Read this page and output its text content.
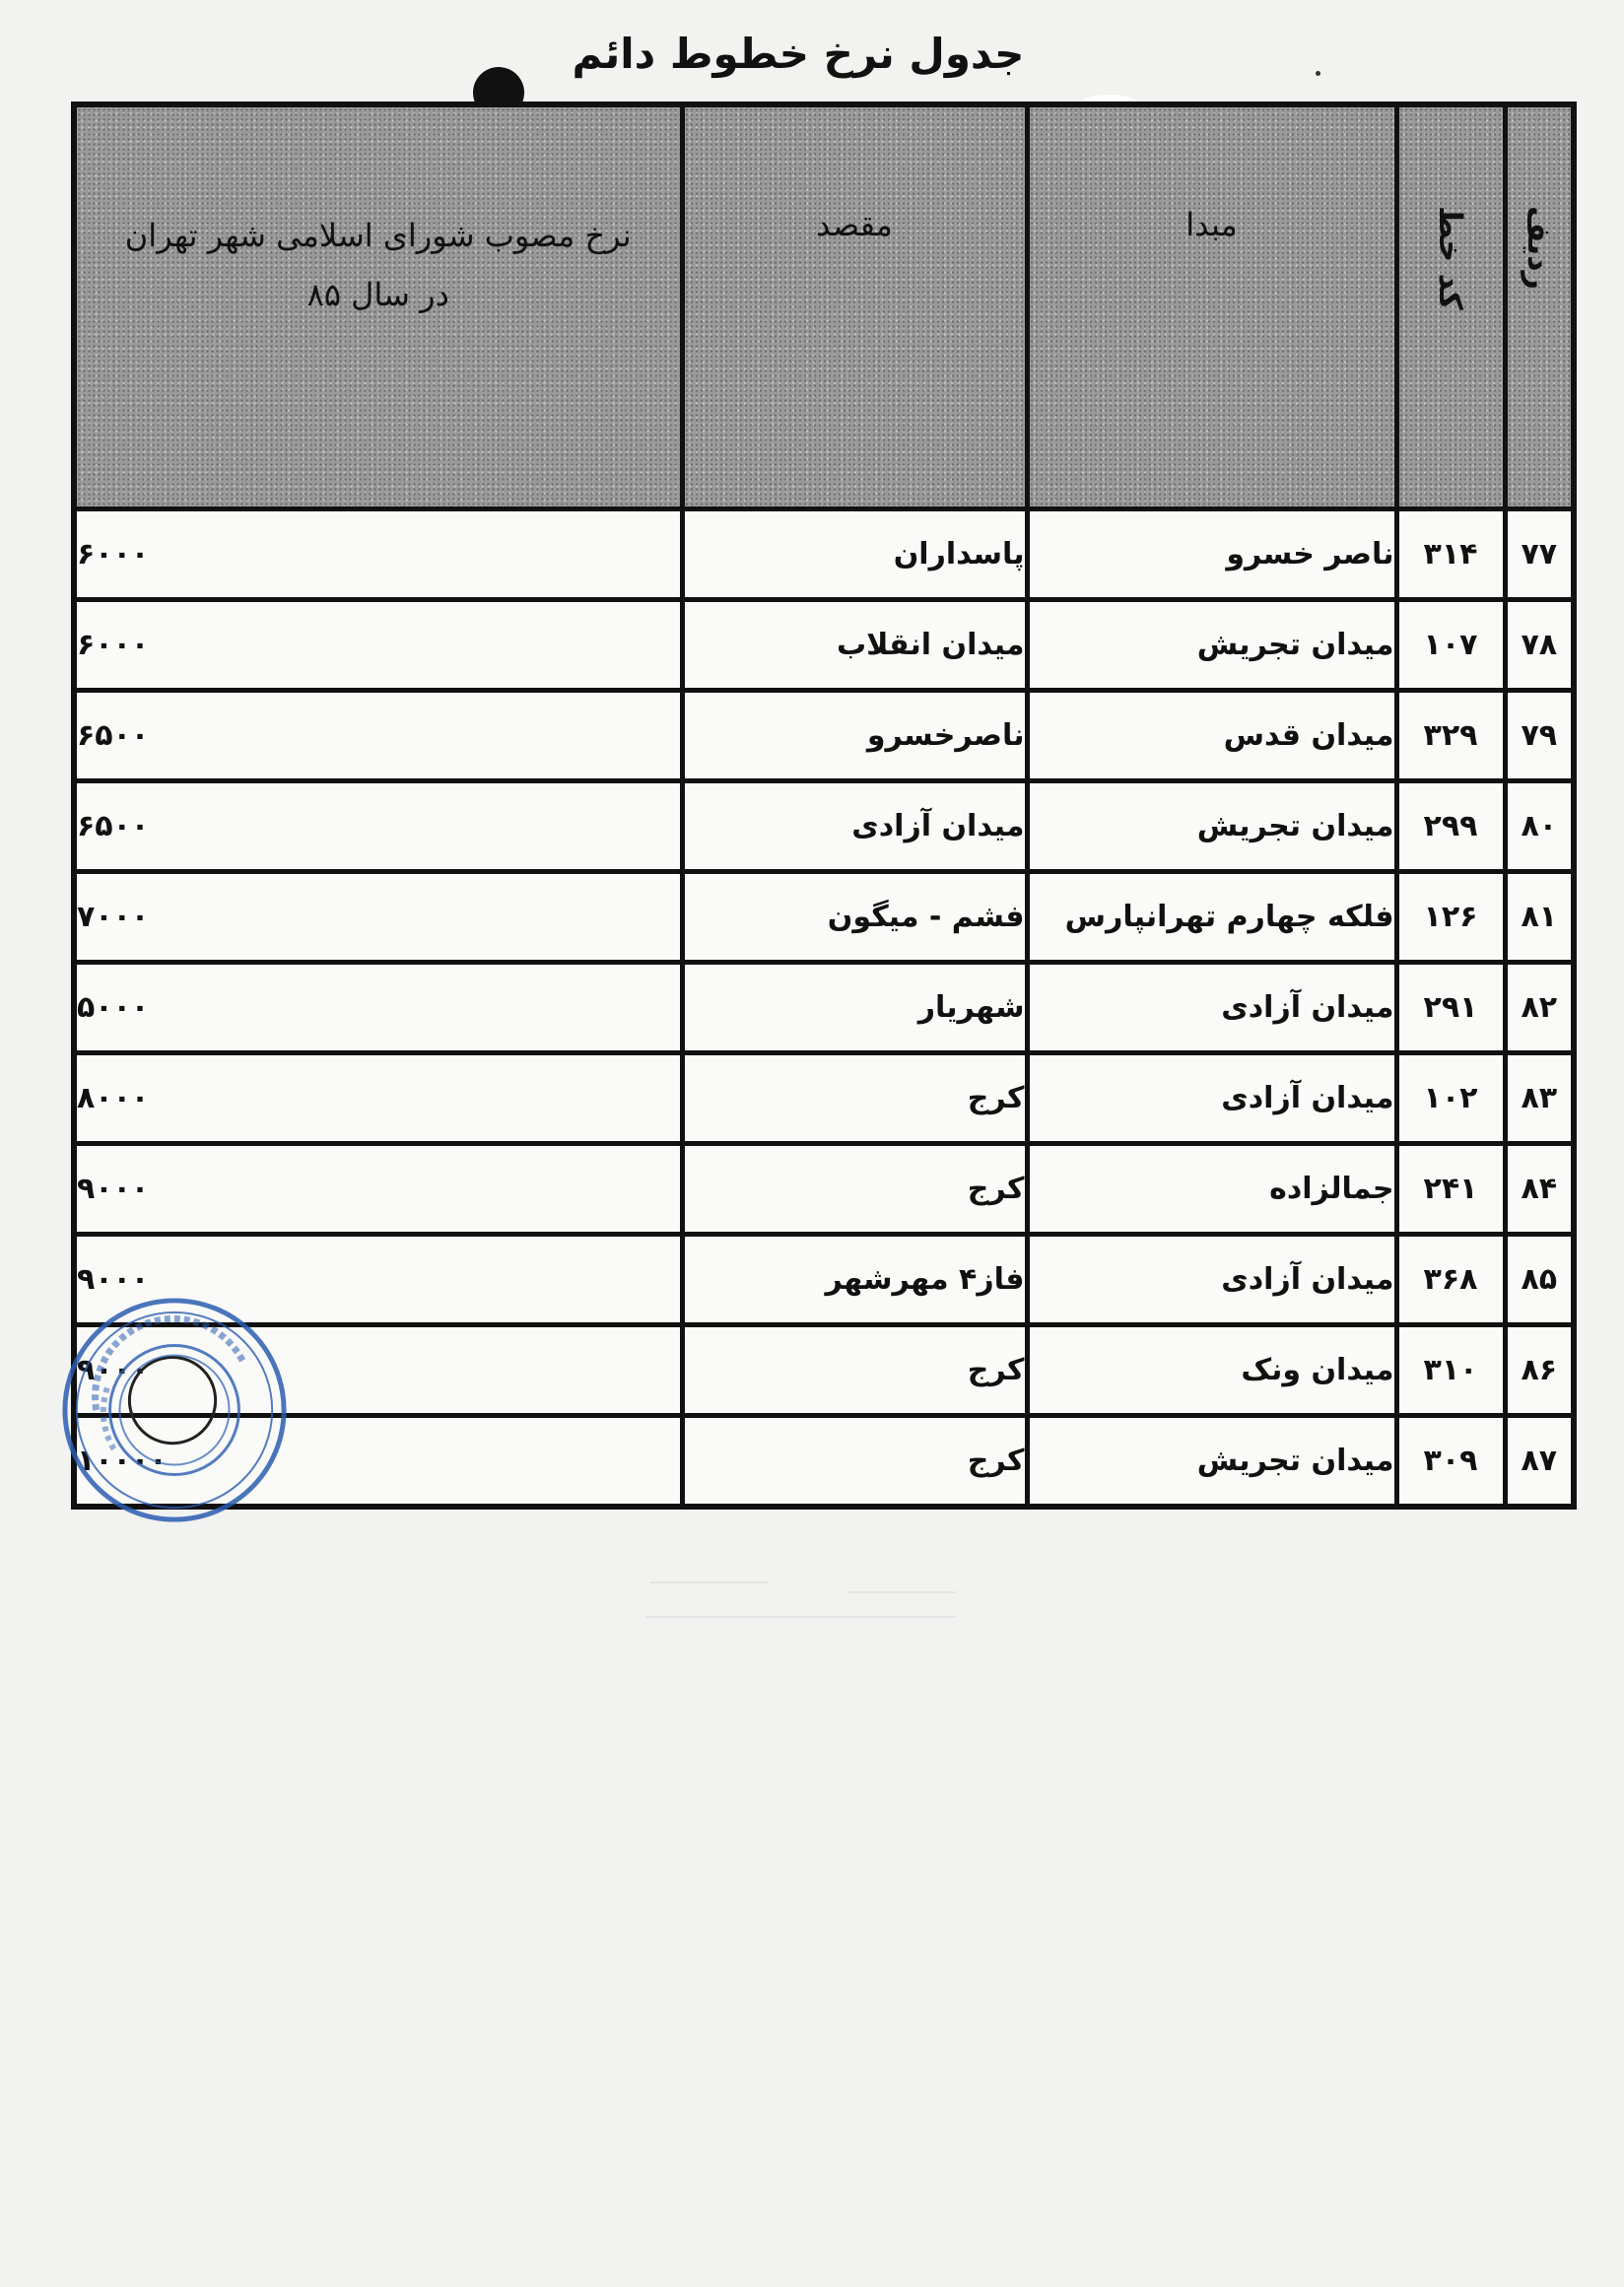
جدول نرخ خطوط دائم
ردیف	کد خط	مبدا	مقصد	نرخ مصوب شورای اسلامی شهر تهران
در سال ۸۵

۷۷	۳۱۴	ناصر خسرو	پاسداران	۶۰۰۰
۷۸	۱۰۷	میدان تجریش	میدان انقلاب	۶۰۰۰
۷۹	۳۲۹	میدان قدس	ناصرخسرو	۶۵۰۰
۸۰	۲۹۹	میدان تجریش	میدان آزادی	۶۵۰۰
۸۱	۱۲۶	فلکه چهارم تهرانپارس	فشم - میگون	۷۰۰۰
۸۲	۲۹۱	میدان آزادی	شهریار	۵۰۰۰
۸۳	۱۰۲	میدان آزادی	کرج	۸۰۰۰
۸۴	۲۴۱	جمالزاده	کرج	۹۰۰۰
۸۵	۳۶۸	میدان آزادی	فاز۴ مهرشهر	۹۰۰۰
۸۶	۳۱۰	میدان ونک	کرج	۹۰۰۰
۸۷	۳۰۹	میدان تجریش	کرج	۱۰۰۰۰
